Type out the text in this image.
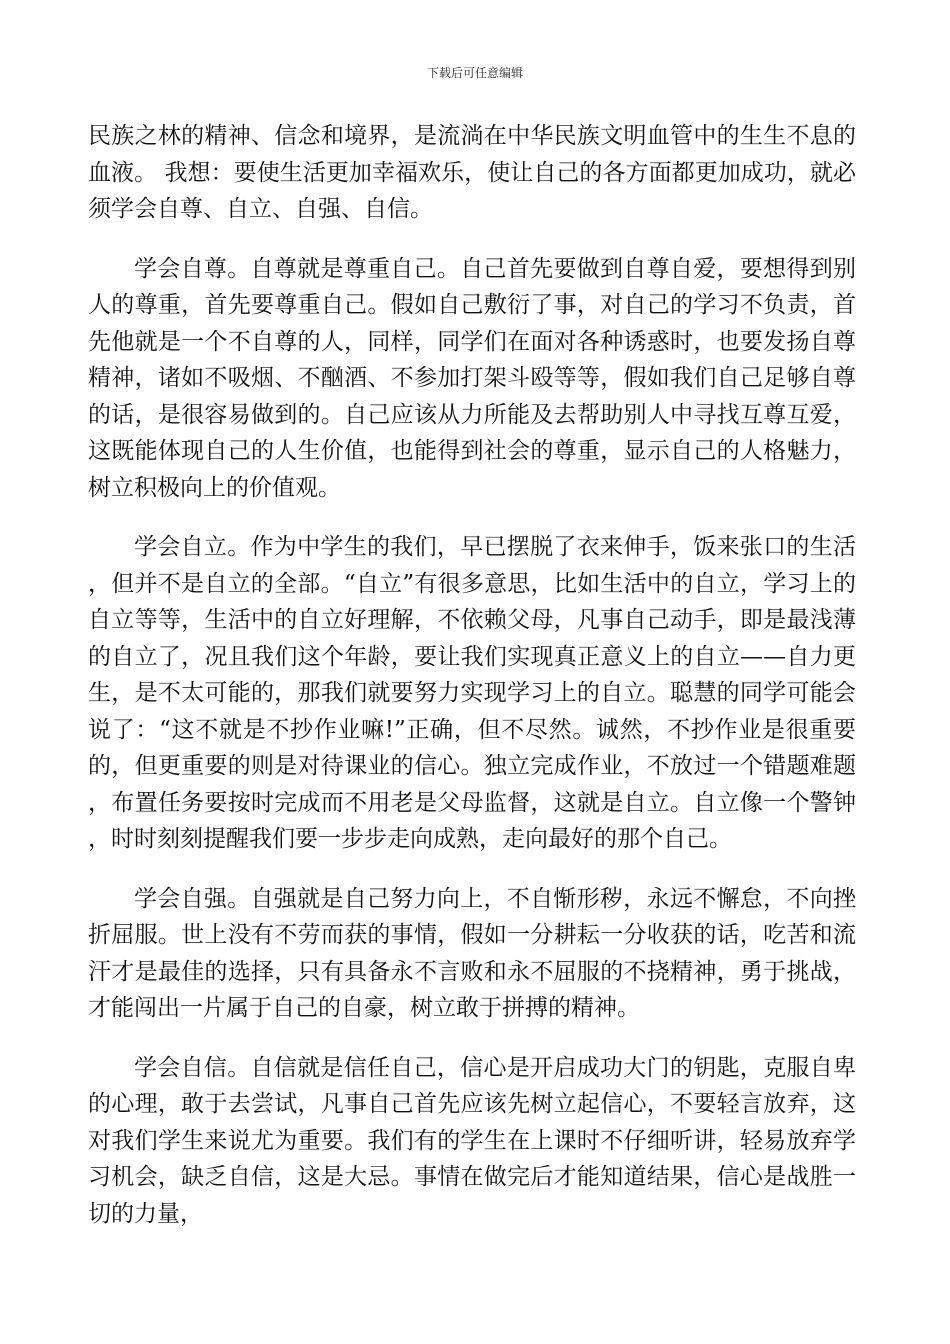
下载后可任意编辑

民族之林的精神、信念和境界，是流淌在中华民族文明血管中的生生不息的血液。 我想：要使生活更加幸福欢乐，使让自己的各方面都更加成功，就必须学会自尊、自立、自强、自信。

学会自尊。自尊就是尊重自己。自己首先要做到自尊自爱，要想得到别人的尊重，首先要尊重自己。假如自己敷衍了事，对自己的学习不负责，首先他就是一个不自尊的人，同样，同学们在面对各种诱惑时，也要发扬自尊精神，诸如不吸烟、不酗酒、不参加打架斗殴等等，假如我们自己足够自尊的话，是很容易做到的。自己应该从力所能及去帮助别人中寻找互尊互爱，这既能体现自己的人生价值，也能得到社会的尊重，显示自己的人格魅力，树立积极向上的价值观。

学会自立。作为中学生的我们，早已摆脱了衣来伸手，饭来张口的生活，但并不是自立的全部。“自立”有很多意思，比如生活中的自立，学习上的自立等等，生活中的自立好理解，不依赖父母，凡事自己动手，即是最浅薄的自立了，况且我们这个年龄，要让我们实现真正意义上的自立——自力更生，是不太可能的，那我们就要努力实现学习上的自立。聪慧的同学可能会说了：“这不就是不抄作业嘛!”正确，但不尽然。诚然，不抄作业是很重要的，但更重要的则是对待课业的信心。独立完成作业，不放过一个错题难题，布置任务要按时完成而不用老是父母监督，这就是自立。自立像一个警钟，时时刻刻提醒我们要一步步走向成熟，走向最好的那个自己。

学会自强。自强就是自己努力向上，不自惭形秽，永远不懈怠，不向挫折屈服。世上没有不劳而获的事情，假如一分耕耘一分收获的话，吃苦和流汗才是最佳的选择，只有具备永不言败和永不屈服的不挠精神，勇于挑战，才能闯出一片属于自己的自豪，树立敢于拼搏的精神。

学会自信。自信就是信任自己，信心是开启成功大门的钥匙，克服自卑的心理，敢于去尝试，凡事自己首先应该先树立起信心，不要轻言放弃，这对我们学生来说尤为重要。我们有的学生在上课时不仔细听讲，轻易放弃学习机会，缺乏自信，这是大忌。事情在做完后才能知道结果，信心是战胜一切的力量，
